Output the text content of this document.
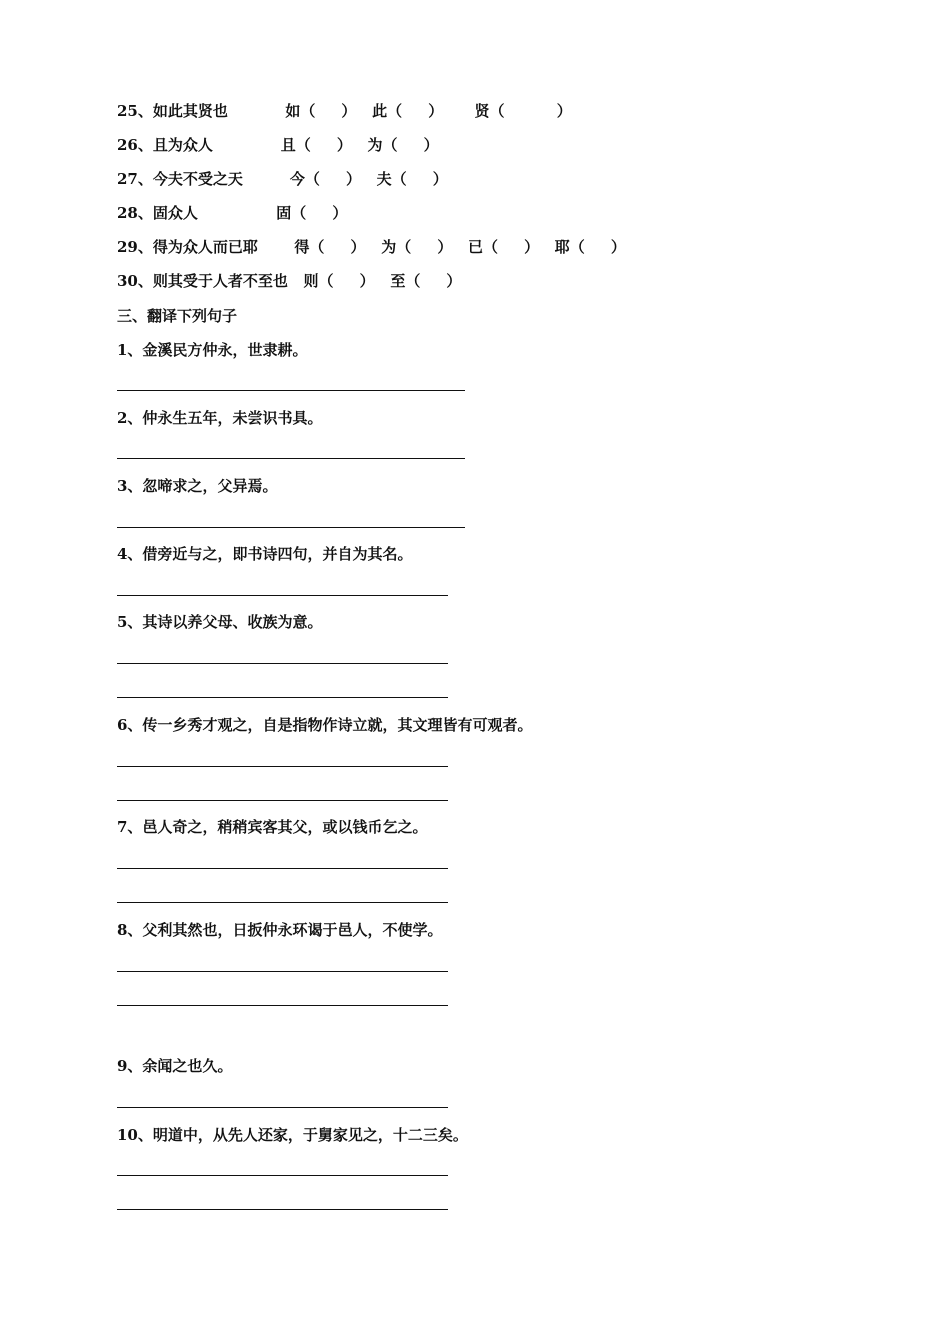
25、如此其贤也           如（     ）   此（     ）      贤（          ）
26、且为众人             且（     ）   为（     ）
27、今夫不受之天         今（     ）   夫（     ）
28、固众人               固（     ）
29、得为众人而已耶       得（     ）   为（     ）   已（     ）   耶（     ）
30、则其受于人者不至也   则（     ）   至（     ）
三、翻译下列句子
1、金溪民方仲永，世隶耕。
2、仲永生五年，未尝识书具。
3、忽啼求之，父异焉。
4、借旁近与之，即书诗四句，并自为其名。
5、其诗以养父母、收族为意。
6、传一乡秀才观之，自是指物作诗立就，其文理皆有可观者。
7、邑人奇之，稍稍宾客其父，或以钱币乞之。
8、父利其然也，日扳仲永环谒于邑人，不使学。
9、余闻之也久。
10、明道中，从先人还家，于舅家见之，十二三矣。
